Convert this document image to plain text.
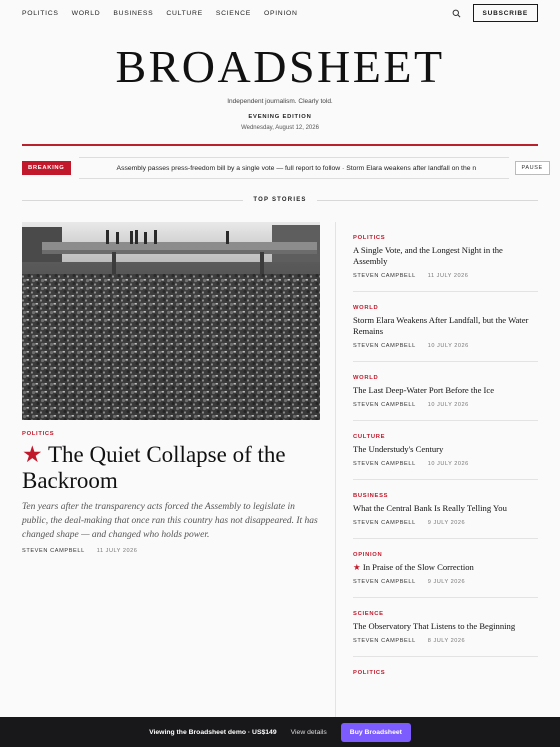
POLITICS WORLD BUSINESS CULTURE SCIENCE OPINION	SUBSCRIBE
BROADSHEET
Independent journalism. Clearly told.
EVENING EDITION
Wednesday, August 12, 2026
BREAKING	Assembly passes press-freedom bill by a single vote — full report to follow · Storm Elara weakens after landfall on the n	PAUSE
TOP STORIES
POLITICS
★ The Quiet Collapse of the Backroom
Ten years after the transparency acts forced the Assembly to legislate in public, the deal-making that once ran this country has not disappeared. It has changed shape — and changed who holds power.
STEVEN CAMPBELL 11 JULY 2026
POLITICS
A Single Vote, and the Longest Night in the Assembly
STEVEN CAMPBELL 11 JULY 2026
WORLD
Storm Elara Weakens After Landfall, but the Water Remains
STEVEN CAMPBELL 10 JULY 2026
WORLD
The Last Deep-Water Port Before the Ice
STEVEN CAMPBELL 10 JULY 2026
CULTURE
The Understudy's Century
STEVEN CAMPBELL 10 JULY 2026
BUSINESS
What the Central Bank Is Really Telling You
STEVEN CAMPBELL 9 JULY 2026
OPINION
★ In Praise of the Slow Correction
STEVEN CAMPBELL 9 JULY 2026
SCIENCE
The Observatory That Listens to the Beginning
STEVEN CAMPBELL 8 JULY 2026
POLITICS
Viewing the Broadsheet demo · US$149 View details	Buy Broadsheet
